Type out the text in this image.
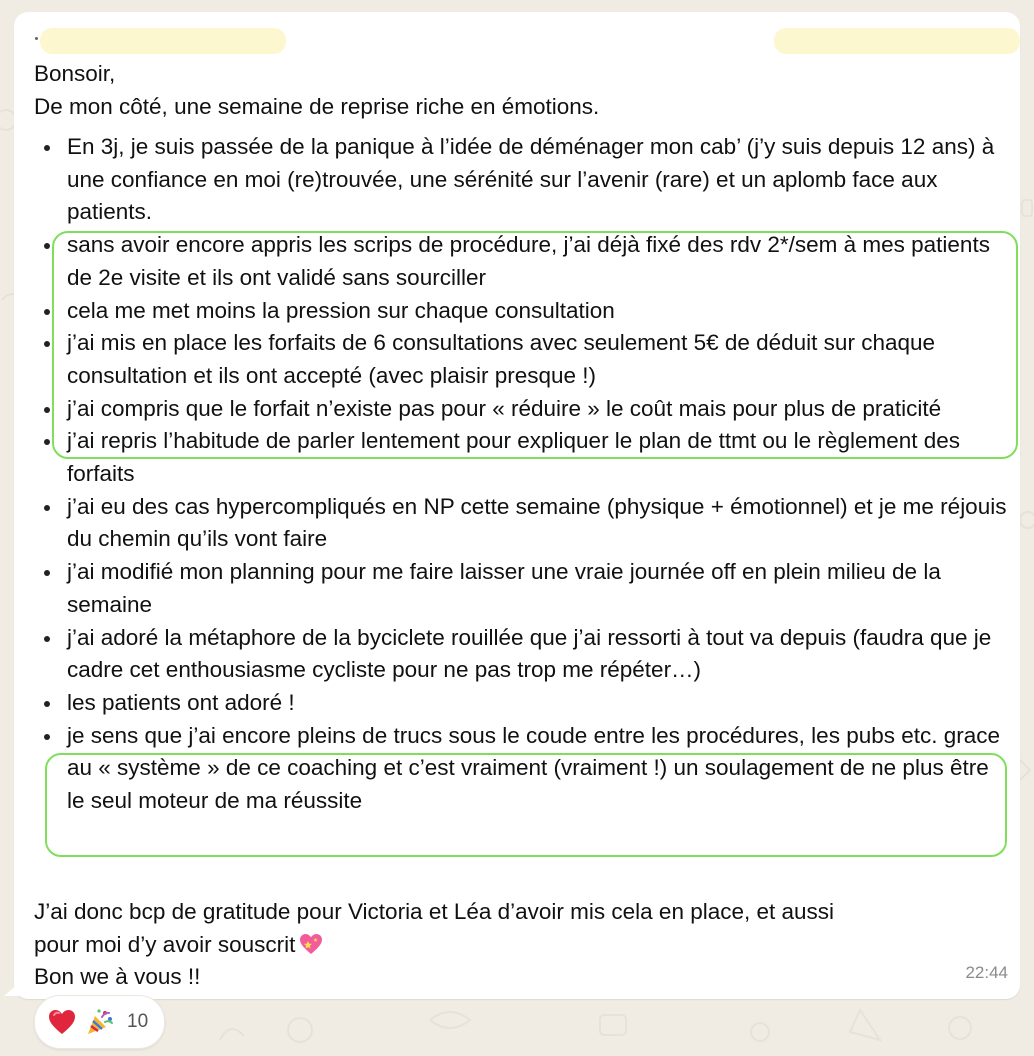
Bonsoir,
De mon côté, une semaine de reprise riche en émotions.
En 3j, je suis passée de la panique à l’idée de déménager mon cab’ (j’y suis depuis 12 ans) à une confiance en moi (re)trouvée, une sérénité sur l’avenir (rare) et un aplomb face aux patients.
sans avoir encore appris les scrips de procédure, j’ai déjà fixé des rdv 2*/sem à mes patients de 2e visite et ils ont validé sans sourciller
cela me met moins la pression sur chaque consultation
j’ai mis en place les forfaits de 6 consultations avec seulement 5€ de déduit sur chaque consultation et ils ont accepté (avec plaisir presque !)
j’ai compris que le forfait n’existe pas pour « réduire » le coût mais pour plus de praticité
j’ai repris l’habitude de parler lentement pour expliquer le plan de ttmt ou le règlement des forfaits
j’ai eu des cas hypercompliqués en NP cette semaine (physique + émotionnel) et je me réjouis du chemin qu’ils vont faire
j’ai modifié mon planning pour me faire laisser une vraie journée off en plein milieu de la semaine
j’ai adoré la métaphore de la byciclete rouillée que j’ai ressorti à tout va depuis (faudra que je cadre cet enthousiasme cycliste pour ne pas trop me répéter…)
les patients ont adoré !
je sens que j’ai encore pleins de trucs sous le coude entre les procédures, les pubs etc. grace au « système » de ce coaching et c’est vraiment (vraiment !) un soulagement de ne plus être le seul moteur de ma réussite
J’ai donc bcp de gratitude pour Victoria et Léa d’avoir mis cela en place, et aussi
pour moi d’y avoir souscrit
Bon we à vous !!	22:44
10
